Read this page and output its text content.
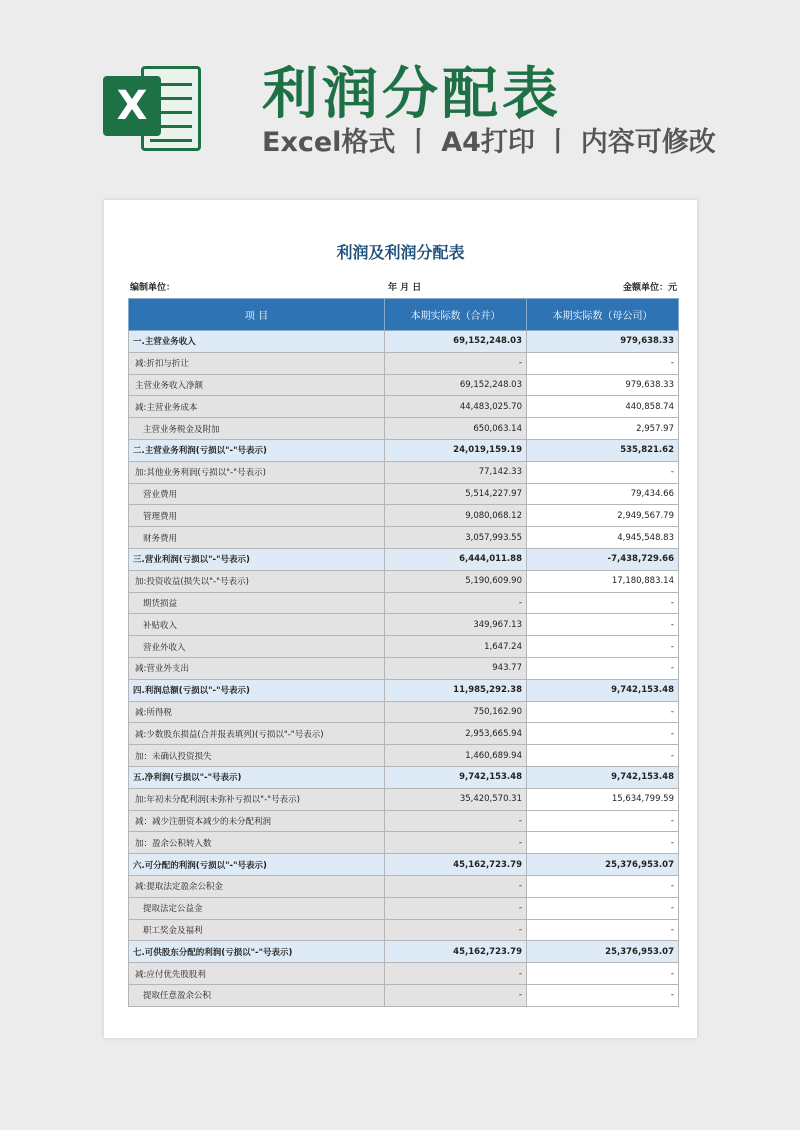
X 利润分配表
Excel格式 丨 A4打印 丨 内容可修改
利润及利润分配表
编制单位：	年 月 日	金额单位：元
项 目	本期实际数（合并）	本期实际数（母公司）
一.主营业务收入	69,152,248.03	979,638.33
减:折扣与折让	-	-
主营业务收入净额	69,152,248.03	979,638.33
减:主营业务成本	44,483,025.70	440,858.74
主营业务税金及附加	650,063.14	2,957.97
二.主营业务利润(亏损以"-"号表示)	24,019,159.19	535,821.62
加:其他业务利润(亏损以"-"号表示)	77,142.33	-
营业费用	5,514,227.97	79,434.66
管理费用	9,080,068.12	2,949,567.79
财务费用	3,057,993.55	4,945,548.83
三.营业利润(亏损以"-"号表示)	6,444,011.88	-7,438,729.66
加:投资收益(损失以"-"号表示)	5,190,609.90	17,180,883.14
期货损益	-	-
补贴收入	349,967.13	-
营业外收入	1,647.24	-
减:营业外支出	943.77	-
四.利润总额(亏损以"-"号表示)	11,985,292.38	9,742,153.48
减:所得税	750,162.90	-
减:少数股东损益(合并报表填列)(亏损以"-"号表示)	2,953,665.94	-
加：未确认投资损失	1,460,689.94	-
五.净利润(亏损以"-"号表示)	9,742,153.48	9,742,153.48
加:年初未分配利润(未弥补亏损以"-"号表示)	35,420,570.31	15,634,799.59
减：减少注册资本减少的未分配利润	-	-
加：盈余公积转入数	-	-
六.可分配的利润(亏损以"-"号表示)	45,162,723.79	25,376,953.07
减:提取法定盈余公积金	-	-
提取法定公益金	-	-
职工奖金及福利	-	-
七.可供股东分配的利润(亏损以"-"号表示)	45,162,723.79	25,376,953.07
减:应付优先股股利	-	-
提取任意盈余公积	-	-
